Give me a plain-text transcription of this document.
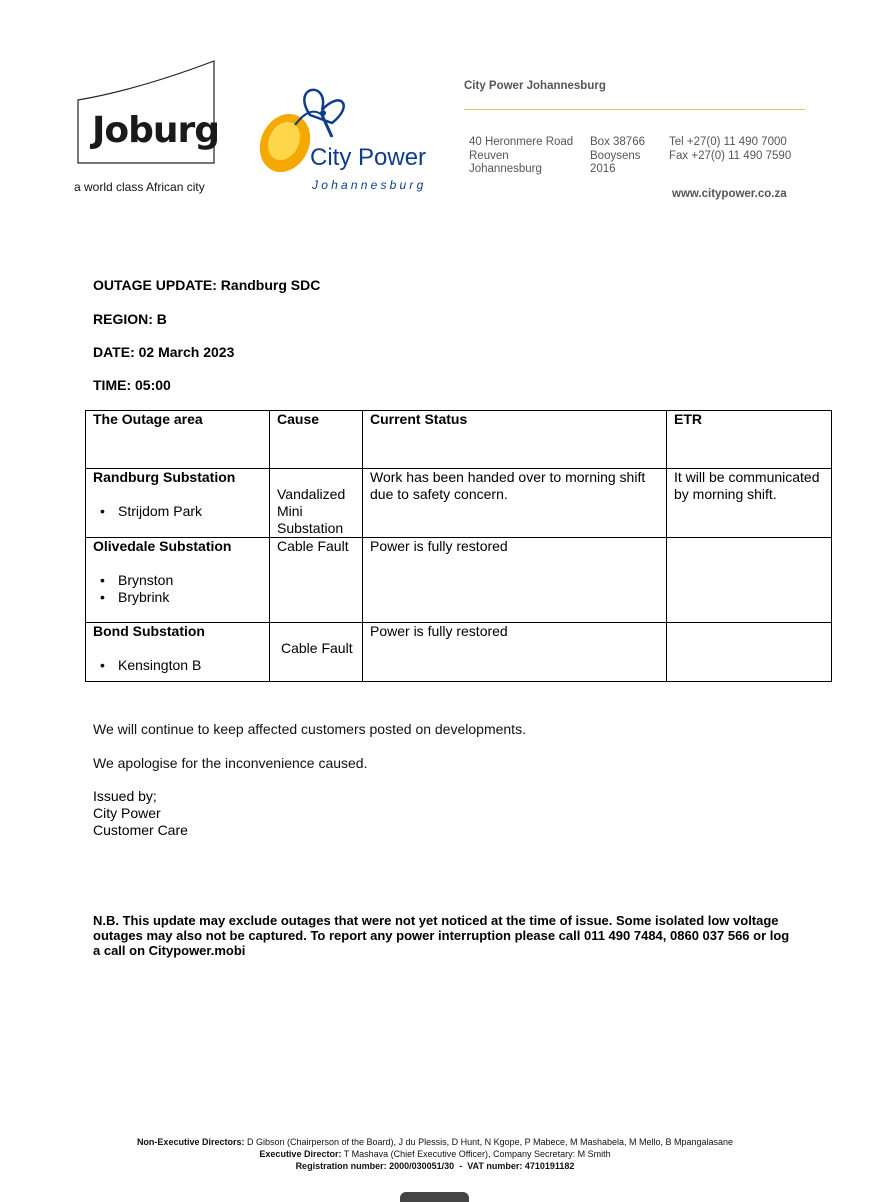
Joburg
a world class African city
City Power
Johannesburg
City Power Johannesburg
40 Heronmere Road
Reuven
Johannesburg
Box 38766
Booysens
2016
Tel +27(0) 11 490 7000
Fax +27(0) 11 490 7590
www.citypower.co.za
OUTAGE UPDATE: Randburg SDC
REGION: B
DATE: 02 March 2023
TIME: 05:00
The Outage area	Cause	Current Status	ETR

Randburg Substation
• Strijdom Park	Vandalized Mini Substation	Work has been handed over to morning shift due to safety concern.	It will be communicated by morning shift.

Olivedale Substation
• Brynston
• Brybrink	Cable Fault	Power is fully restored	

Bond Substation
• Kensington B	Cable Fault	Power is fully restored	
We will continue to keep affected customers posted on developments.
We apologise for the inconvenience caused.
Issued by;
City Power
Customer Care
N.B. This update may exclude outages that were not yet noticed at the time of issue. Some isolated low voltage outages may also not be captured. To report any power interruption please call 011 490 7484, 0860 037 566 or log a call on Citypower.mobi
Non-Executive Directors: D Gibson (Chairperson of the Board), J du Plessis, D Hunt, N Kgope, P Mabece, M Mashabela, M Mello, B Mpangalasane
Executive Director: T Mashava (Chief Executive Officer), Company Secretary: M Smith
Registration number: 2000/030051/30  -  VAT number: 4710191182
